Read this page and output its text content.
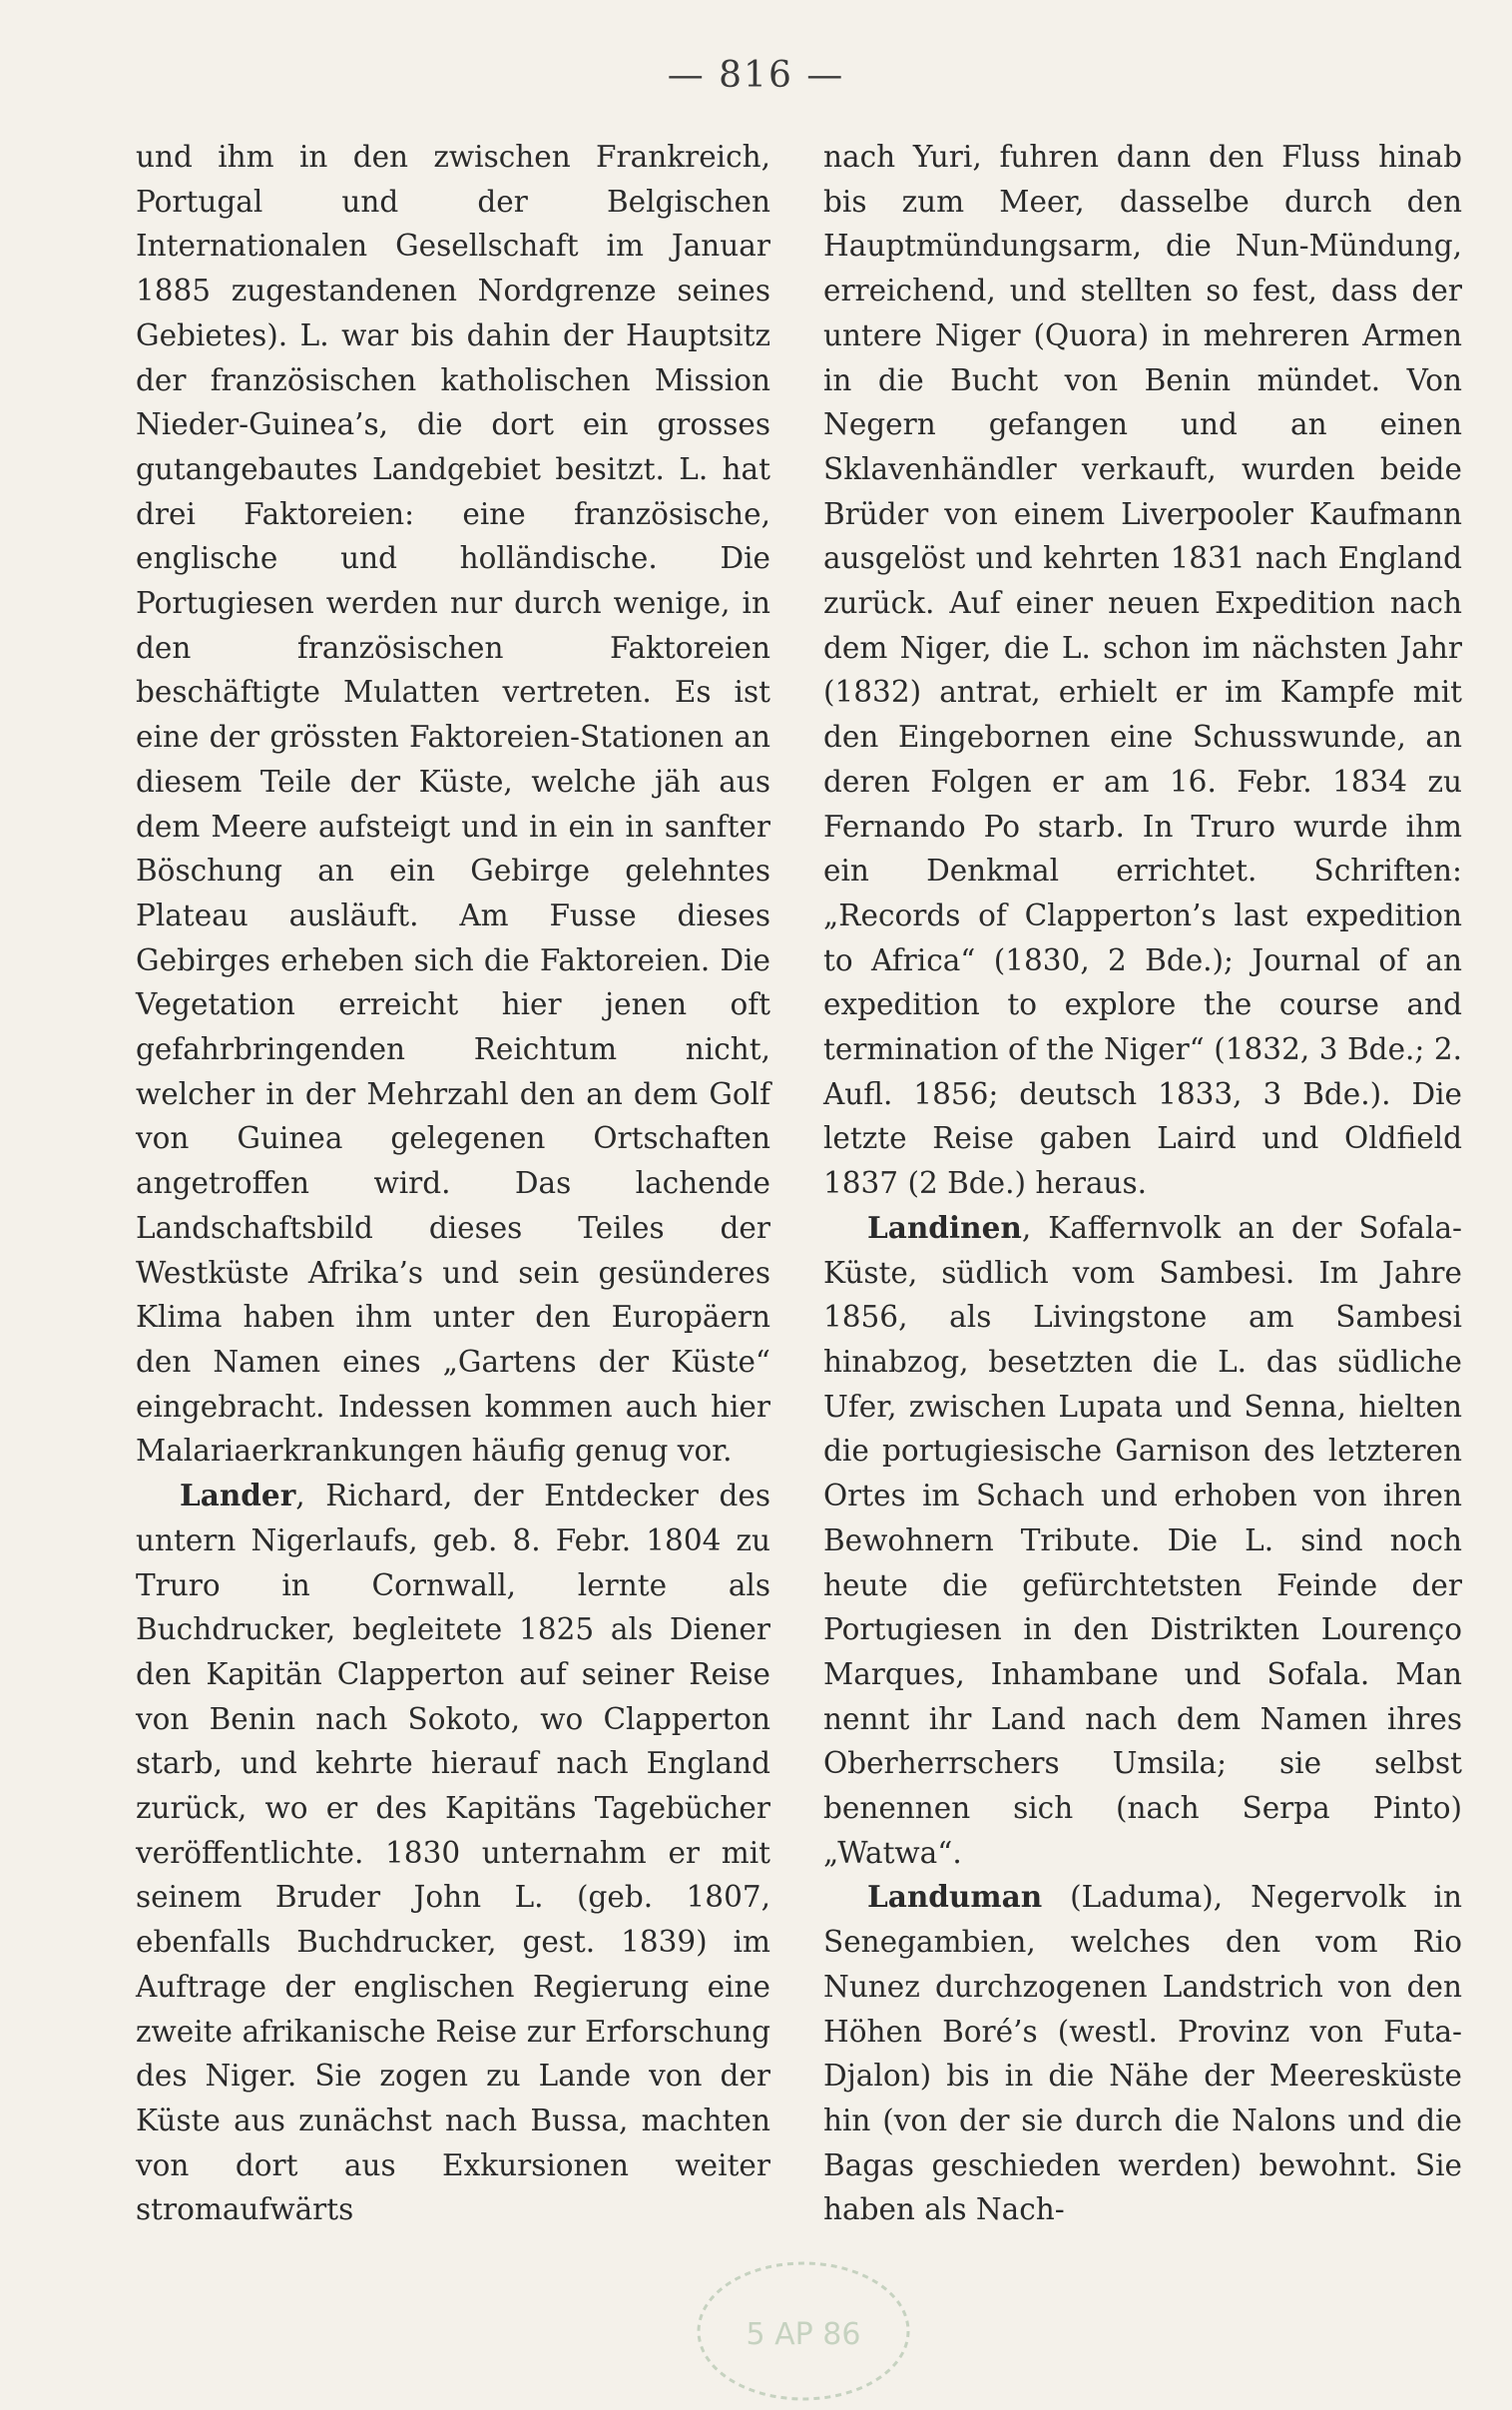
— 816 —

und ihm in den zwischen Frankreich, Portugal und der Belgischen Internationalen Gesellschaft im Januar 1885 zugestandenen Nordgrenze seines Gebietes). L. war bis dahin der Hauptsitz der französischen katholischen Mission Nieder-Guinea’s, die dort ein grosses gutangebautes Landgebiet besitzt. L. hat drei Faktoreien: eine französische, englische und holländische. Die Portugiesen werden nur durch wenige, in den französischen Faktoreien beschäftigte Mulatten vertreten. Es ist eine der grössten Faktoreien-Stationen an diesem Teile der Küste, welche jäh aus dem Meere aufsteigt und in ein in sanfter Böschung an ein Gebirge gelehntes Plateau ausläuft. Am Fusse dieses Gebirges erheben sich die Faktoreien. Die Vegetation erreicht hier jenen oft gefahrbringenden Reichtum nicht, welcher in der Mehrzahl den an dem Golf von Guinea gelegenen Ortschaften angetroffen wird. Das lachende Landschaftsbild dieses Teiles der Westküste Afrika’s und sein gesünderes Klima haben ihm unter den Europäern den Namen eines „Gartens der Küste“ eingebracht. Indessen kommen auch hier Malariaerkrankungen häufig genug vor.

Lander, Richard, der Entdecker des untern Nigerlaufs, geb. 8. Febr. 1804 zu Truro in Cornwall, lernte als Buchdrucker, begleitete 1825 als Diener den Kapitän Clapperton auf seiner Reise von Benin nach Sokoto, wo Clapperton starb, und kehrte hierauf nach England zurück, wo er des Kapitäns Tagebücher veröffentlichte. 1830 unternahm er mit seinem Bruder John L. (geb. 1807, ebenfalls Buchdrucker, gest. 1839) im Auftrage der englischen Regierung eine zweite afrikanische Reise zur Erforschung des Niger. Sie zogen zu Lande von der Küste aus zunächst nach Bussa, machten von dort aus Exkursionen weiter stromaufwärts

nach Yuri, fuhren dann den Fluss hinab bis zum Meer, dasselbe durch den Hauptmündungsarm, die Nun-Mündung, erreichend, und stellten so fest, dass der untere Niger (Quora) in mehreren Armen in die Bucht von Benin mündet. Von Negern gefangen und an einen Sklavenhändler verkauft, wurden beide Brüder von einem Liverpooler Kaufmann ausgelöst und kehrten 1831 nach England zurück. Auf einer neuen Expedition nach dem Niger, die L. schon im nächsten Jahr (1832) antrat, erhielt er im Kampfe mit den Eingebornen eine Schusswunde, an deren Folgen er am 16. Febr. 1834 zu Fernando Po starb. In Truro wurde ihm ein Denkmal errichtet. Schriften: „Records of Clapperton’s last expedition to Africa“ (1830, 2 Bde.); Journal of an expedition to explore the course and termination of the Niger“ (1832, 3 Bde.; 2. Aufl. 1856; deutsch 1833, 3 Bde.). Die letzte Reise gaben Laird und Oldfield 1837 (2 Bde.) heraus.

Landinen, Kaffernvolk an der Sofala-Küste, südlich vom Sambesi. Im Jahre 1856, als Livingstone am Sambesi hinabzog, besetzten die L. das südliche Ufer, zwischen Lupata und Senna, hielten die portugiesische Garnison des letzteren Ortes im Schach und erhoben von ihren Bewohnern Tribute. Die L. sind noch heute die gefürchtetsten Feinde der Portugiesen in den Distrikten Lourenço Marques, Inhambane und Sofala. Man nennt ihr Land nach dem Namen ihres Oberherrschers Umsila; sie selbst benennen sich (nach Serpa Pinto) „Watwa“.

Landuman (Laduma), Negervolk in Senegambien, welches den vom Rio Nunez durchzogenen Landstrich von den Höhen Boré’s (westl. Provinz von Futa-Djalon) bis in die Nähe der Meeresküste hin (von der sie durch die Nalons und die Bagas geschieden werden) bewohnt. Sie haben als Nach-

5 AP 86
